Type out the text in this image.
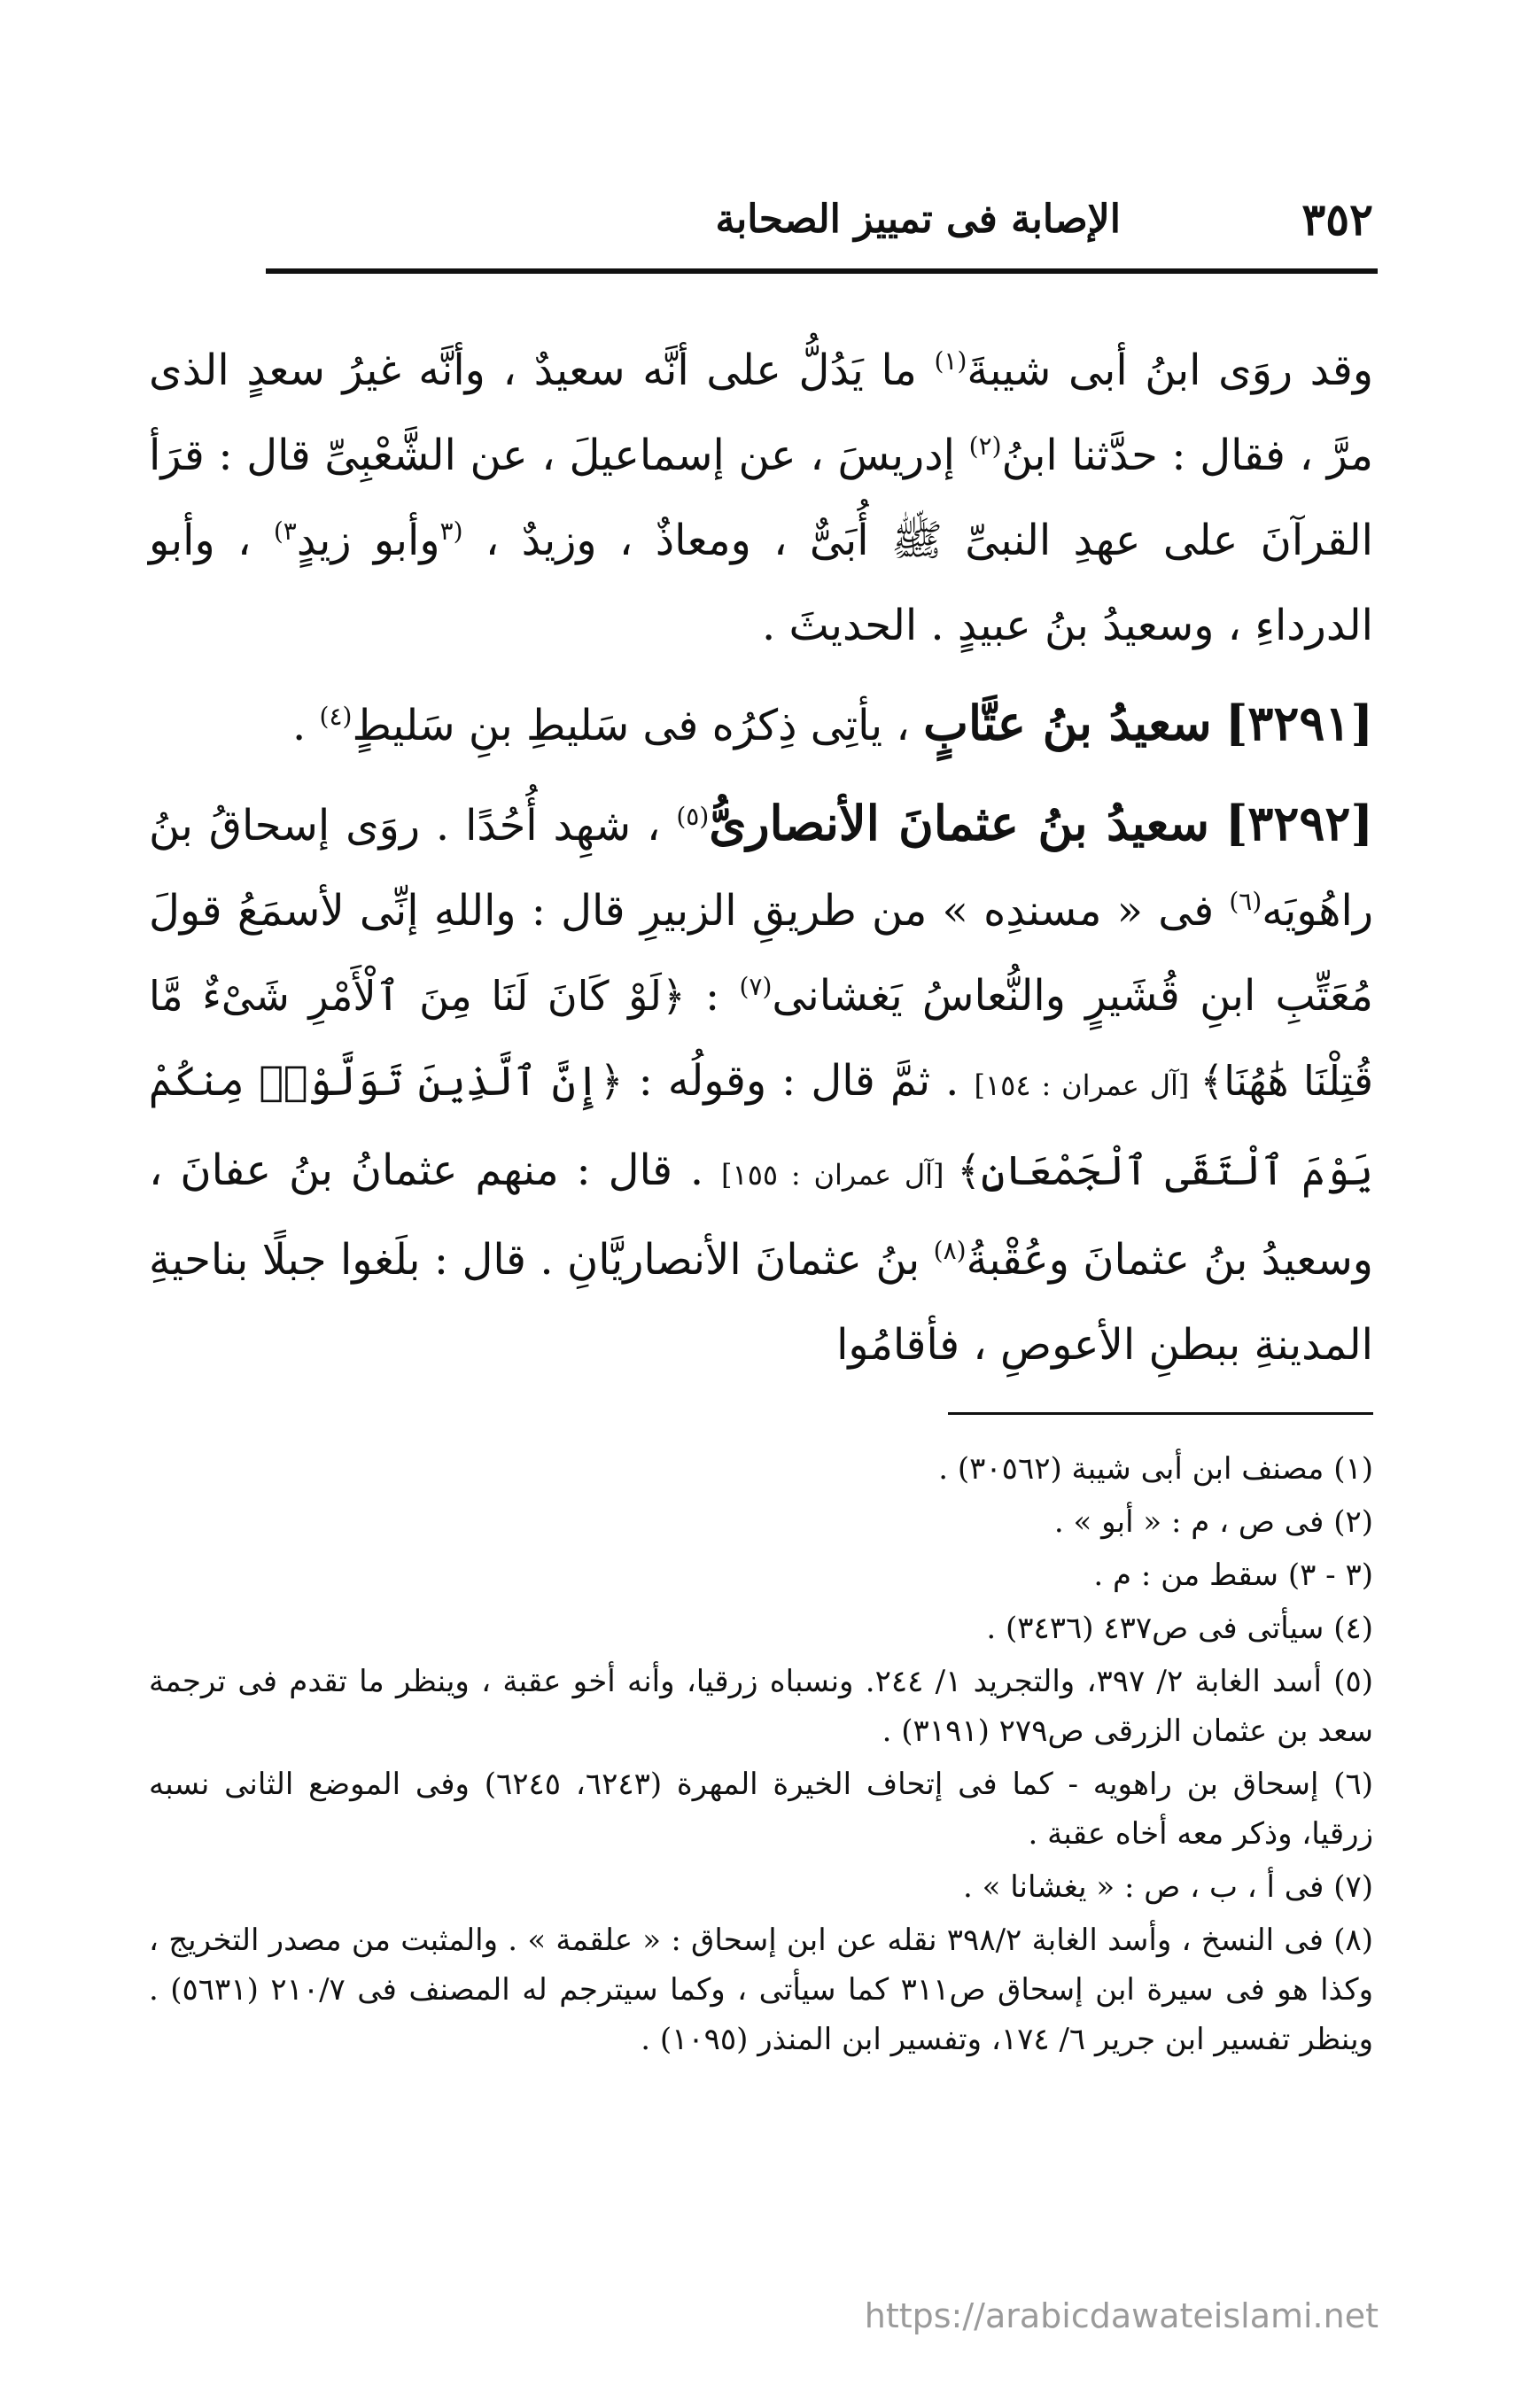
٣٥٢
الإصابة فى تمييز الصحابة

وقد روَى ابنُ أبى شيبةَ$^{(١)}$ ما يَدُلُّ على أنَّه سعيدٌ ، وأنَّه غيرُ سعدٍ الذى مرَّ ، فقال : حدَّثنا ابنُ$^{(٢)}$ إدريسَ ، عن إسماعيلَ ، عن الشَّعْبِىِّ قال : قرَأ القرآنَ على عهدِ النبىِّ ﷺ أُبَىٌّ ، ومعاذٌ ، وزيدٌ ، $^{(٣}$وأبو زيدٍ$^{٣)}$ ، وأبو الدرداءِ ، وسعيدُ بنُ عبيدٍ . الحديثَ .

[٣٢٩١] سعيدُ بنُ عتَّابٍ ، يأتِى ذِكرُه فى سَليطِ بنِ سَليطٍ$^{(٤)}$ .

[٣٢٩٢] سعيدُ بنُ عثمانَ الأنصارىُّ$^{(٥)}$ ، شهِد أُحُدًا . روَى إسحاقُ بنُ راهُويَه$^{(٦)}$ فى « مسندِه » من طريقِ الزبيرِ قال : واللهِ إنِّى لأسمَعُ قولَ مُعَتِّبِ ابنِ قُشَيرٍ والنُّعاسُ يَغشانى$^{(٧)}$ : ﴿لَوْ كَانَ لَنَا مِنَ ٱلْأَمْرِ شَىْءٌ مَّا قُتِلْنَا هَٰهُنَا﴾ [آل عمران : ١٥٤] . ثمَّ قال : وقولُه : ﴿إِنَّ ٱلَّذِينَ تَوَلَّوْا۟ مِنكُمْ يَوْمَ ٱلْتَقَى ٱلْجَمْعَانِ﴾ [آل عمران : ١٥٥] . قال : منهم عثمانُ بنُ عفانَ ، وسعيدُ بنُ عثمانَ وعُقْبةُ$^{(٨)}$ بنُ عثمانَ الأنصاريَّانِ . قال : بلَغوا جبلًا بناحيةِ المدينةِ ببطنِ الأعوصِ ، فأقامُوا

(١) مصنف ابن أبى شيبة (٣٠٥٦٢) .

(٢) فى ص ، م : « أبو » .

(٣ - ٣) سقط من : م .

(٤) سيأتى فى ص٤٣٧ (٣٤٣٦) .

(٥) أسد الغابة ٢/ ٣٩٧، والتجريد ١/ ٢٤٤. ونسباه زرقيا، وأنه أخو عقبة ، وينظر ما تقدم فى ترجمة سعد بن عثمان الزرقى ص٢٧٩ (٣١٩١) .

(٦) إسحاق بن راهويه - كما فى إتحاف الخيرة المهرة (٦٢٤٣، ٦٢٤٥) وفى الموضع الثانى نسبه زرقيا، وذكر معه أخاه عقبة .

(٧) فى أ ، ب ، ص : « يغشانا » .

(٨) فى النسخ ، وأسد الغابة ٣٩٨/٢ نقله عن ابن إسحاق : « علقمة » . والمثبت من مصدر التخريج ، وكذا هو فى سيرة ابن إسحاق ص٣١١ كما سيأتى ، وكما سيترجم له المصنف فى ٢١٠/٧ (٥٦٣١) . وينظر تفسير ابن جرير ٦/ ١٧٤، وتفسير ابن المنذر (١٠٩٥) .

https://arabicdawateislami.net
